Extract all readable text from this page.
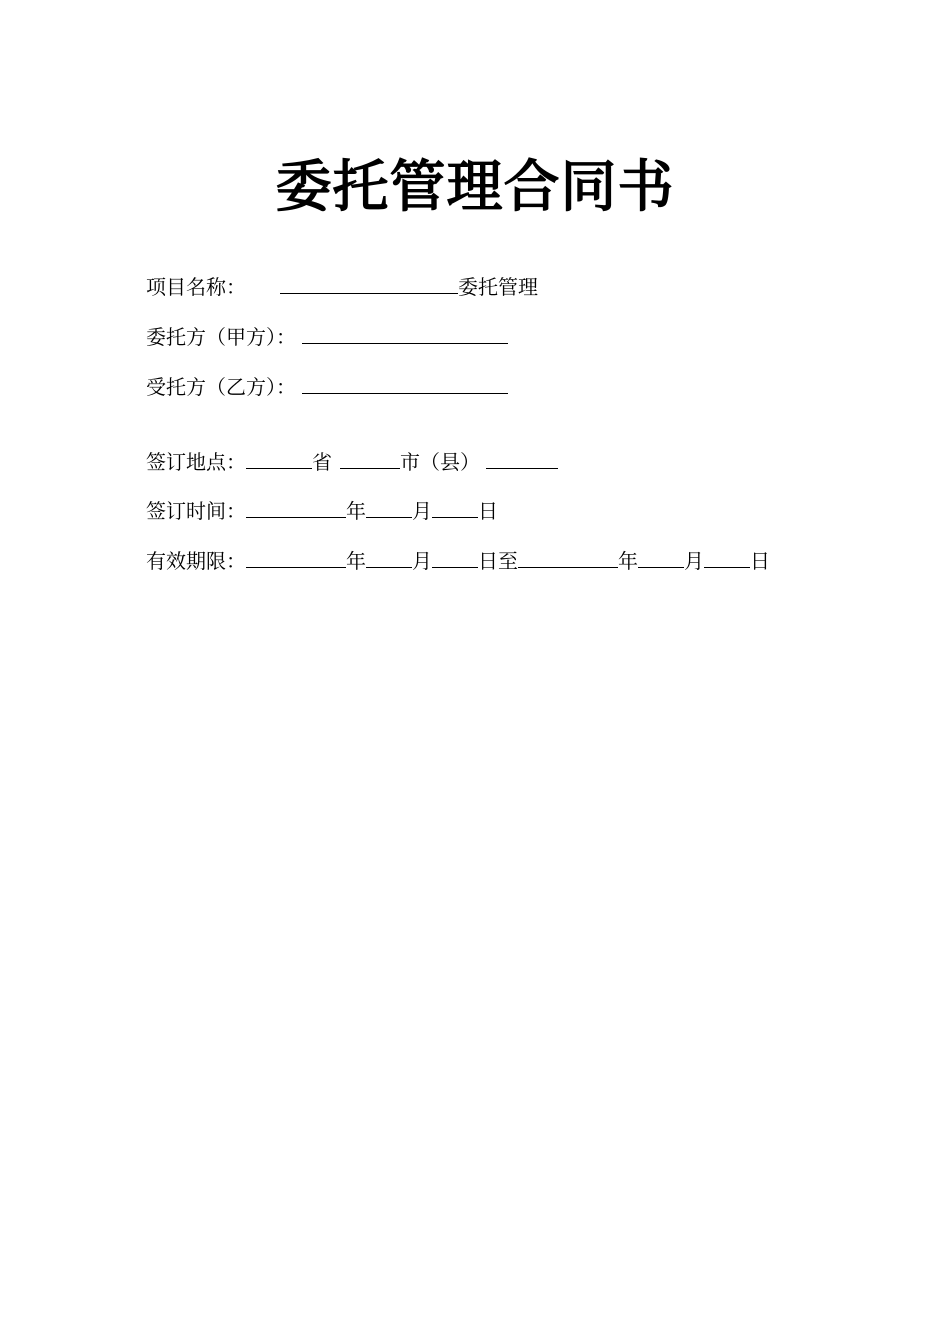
委托管理合同书
项目名称：	委托管理
委托方（甲方）：
受托方（乙方）：
签订地点：	省	市（县）
签订时间：	年 月 日
有效期限：	年 月 日至	年 月 日
